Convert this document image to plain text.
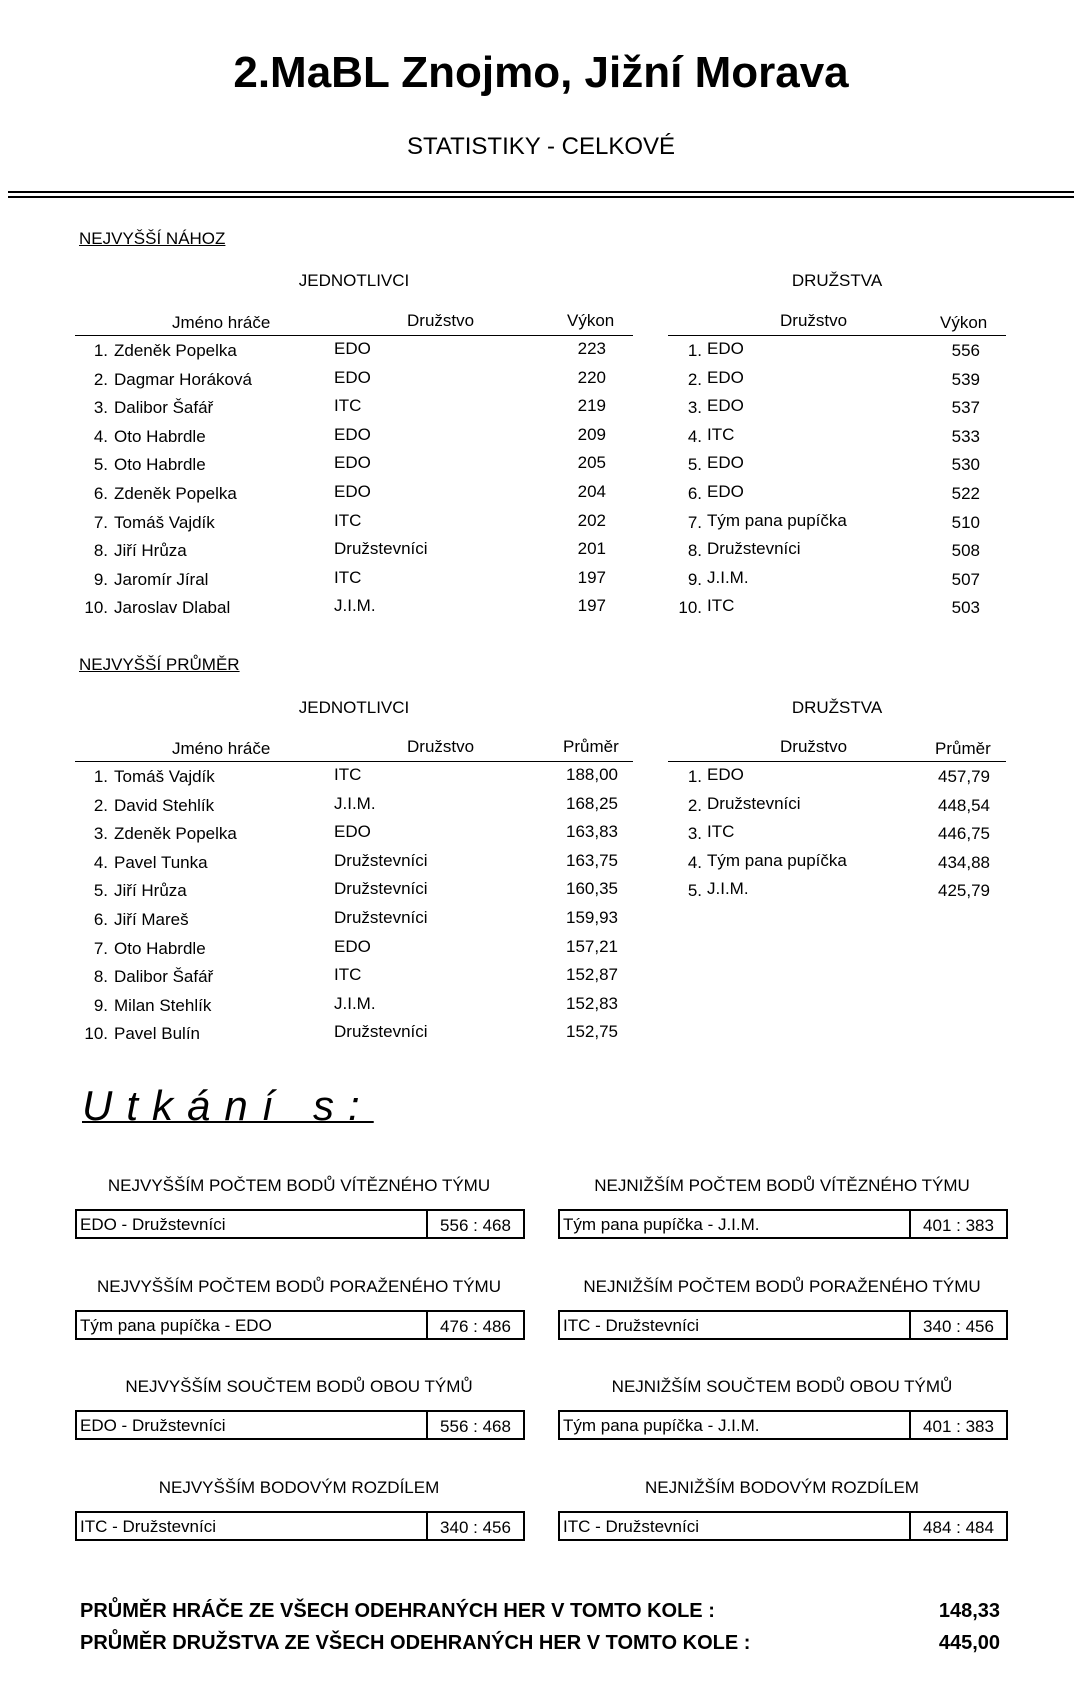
2.MaBL Znojmo, Jižní Morava
STATISTIKY - CELKOVÉ
NEJVYŠŠÍ NÁHOZ
JEDNOTLIVCI	DRUŽSTVA
Jméno hráče	Družstvo	Výkon	Družstvo	Výkon
1. Zdeněk Popelka	EDO	223
2. Dagmar Horáková	EDO	220
3. Dalibor Šafář	ITC	219
4. Oto Habrdle	EDO	209
5. Oto Habrdle	EDO	205
6. Zdeněk Popelka	EDO	204
7. Tomáš Vajdík	ITC	202
8. Jiří Hrůza	Družstevníci	201
9. Jaromír Jíral	ITC	197
10. Jaroslav Dlabal	J.I.M.	197
1. EDO	556
2. EDO	539
3. EDO	537
4. ITC	533
5. EDO	530
6. EDO	522
7. Tým pana pupíčka	510
8. Družstevníci	508
9. J.I.M.	507
10. ITC	503
NEJVYŠŠÍ PRŮMĚR
JEDNOTLIVCI	DRUŽSTVA
Jméno hráče	Družstvo	Průměr	Družstvo	Průměr
1. Tomáš Vajdík	ITC	188,00
2. David Stehlík	J.I.M.	168,25
3. Zdeněk Popelka	EDO	163,83
4. Pavel Tunka	Družstevníci	163,75
5. Jiří Hrůza	Družstevníci	160,35
6. Jiří Mareš	Družstevníci	159,93
7. Oto Habrdle	EDO	157,21
8. Dalibor Šafář	ITC	152,87
9. Milan Stehlík	J.I.M.	152,83
10. Pavel Bulín	Družstevníci	152,75
1. EDO	457,79
2. Družstevníci	448,54
3. ITC	446,75
4. Tým pana pupíčka	434,88
5. J.I.M.	425,79
Utkání s:
NEJVYŠŠÍM POČTEM BODŮ VÍTĚZNÉHO TÝMU
EDO - Družstevníci	556 : 468
NEJNIŽŠÍM POČTEM BODŮ VÍTĚZNÉHO TÝMU
Tým pana pupíčka - J.I.M.	401 : 383
NEJVYŠŠÍM POČTEM BODŮ PORAŽENÉHO TÝMU
Tým pana pupíčka - EDO	476 : 486
NEJNIŽŠÍM POČTEM BODŮ PORAŽENÉHO TÝMU
ITC - Družstevníci	340 : 456
NEJVYŠŠÍM SOUČTEM BODŮ OBOU TÝMŮ
EDO - Družstevníci	556 : 468
NEJNIŽŠÍM SOUČTEM BODŮ OBOU TÝMŮ
Tým pana pupíčka - J.I.M.	401 : 383
NEJVYŠŠÍM BODOVÝM ROZDÍLEM
ITC - Družstevníci	340 : 456
NEJNIŽŠÍM BODOVÝM ROZDÍLEM
ITC - Družstevníci	484 : 484
PRŮMĚR HRÁČE ZE VŠECH ODEHRANÝCH HER V TOMTO KOLE :	148,33
PRŮMĚR DRUŽSTVA ZE VŠECH ODEHRANÝCH HER V TOMTO KOLE :	445,00
